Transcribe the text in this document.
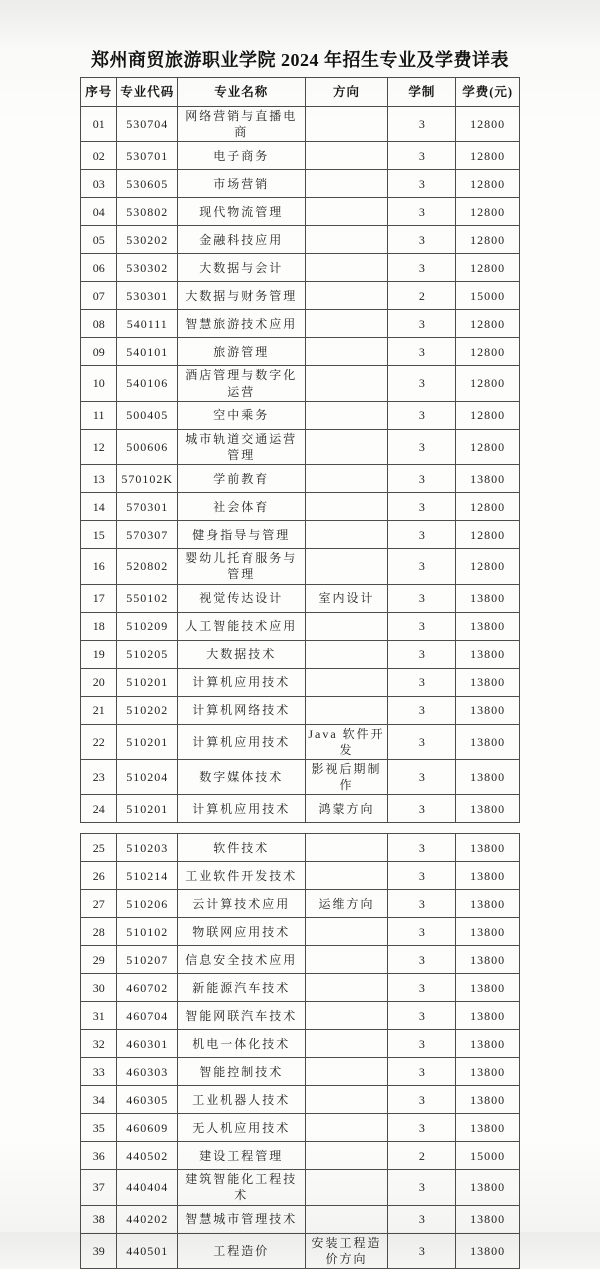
郑州商贸旅游职业学院 2024 年招生专业及学费详表
序号	专业代码	专业名称	方向	学制	学费(元)
01	530704	网络营销与直播电商		3	12800
02	530701	电子商务		3	12800
03	530605	市场营销		3	12800
04	530802	现代物流管理		3	12800
05	530202	金融科技应用		3	12800
06	530302	大数据与会计		3	12800
07	530301	大数据与财务管理		2	15000
08	540111	智慧旅游技术应用		3	12800
09	540101	旅游管理		3	12800
10	540106	酒店管理与数字化运营		3	12800
11	500405	空中乘务		3	12800
12	500606	城市轨道交通运营管理		3	12800
13	570102K	学前教育		3	13800
14	570301	社会体育		3	12800
15	570307	健身指导与管理		3	12800
16	520802	婴幼儿托育服务与管理		3	12800
17	550102	视觉传达设计	室内设计	3	13800
18	510209	人工智能技术应用		3	13800
19	510205	大数据技术		3	13800
20	510201	计算机应用技术		3	13800
21	510202	计算机网络技术		3	13800
22	510201	计算机应用技术	Java 软件开发	3	13800
23	510204	数字媒体技术	影视后期制作	3	13800
24	510201	计算机应用技术	鸿蒙方向	3	13800
25	510203	软件技术		3	13800
26	510214	工业软件开发技术		3	13800
27	510206	云计算技术应用	运维方向	3	13800
28	510102	物联网应用技术		3	13800
29	510207	信息安全技术应用		3	13800
30	460702	新能源汽车技术		3	13800
31	460704	智能网联汽车技术		3	13800
32	460301	机电一体化技术		3	13800
33	460303	智能控制技术		3	13800
34	460305	工业机器人技术		3	13800
35	460609	无人机应用技术		3	13800
36	440502	建设工程管理		2	15000
37	440404	建筑智能化工程技术		3	13800
38	440202	智慧城市管理技术		3	13800
39	440501	工程造价	安装工程造价方向	3	13800
